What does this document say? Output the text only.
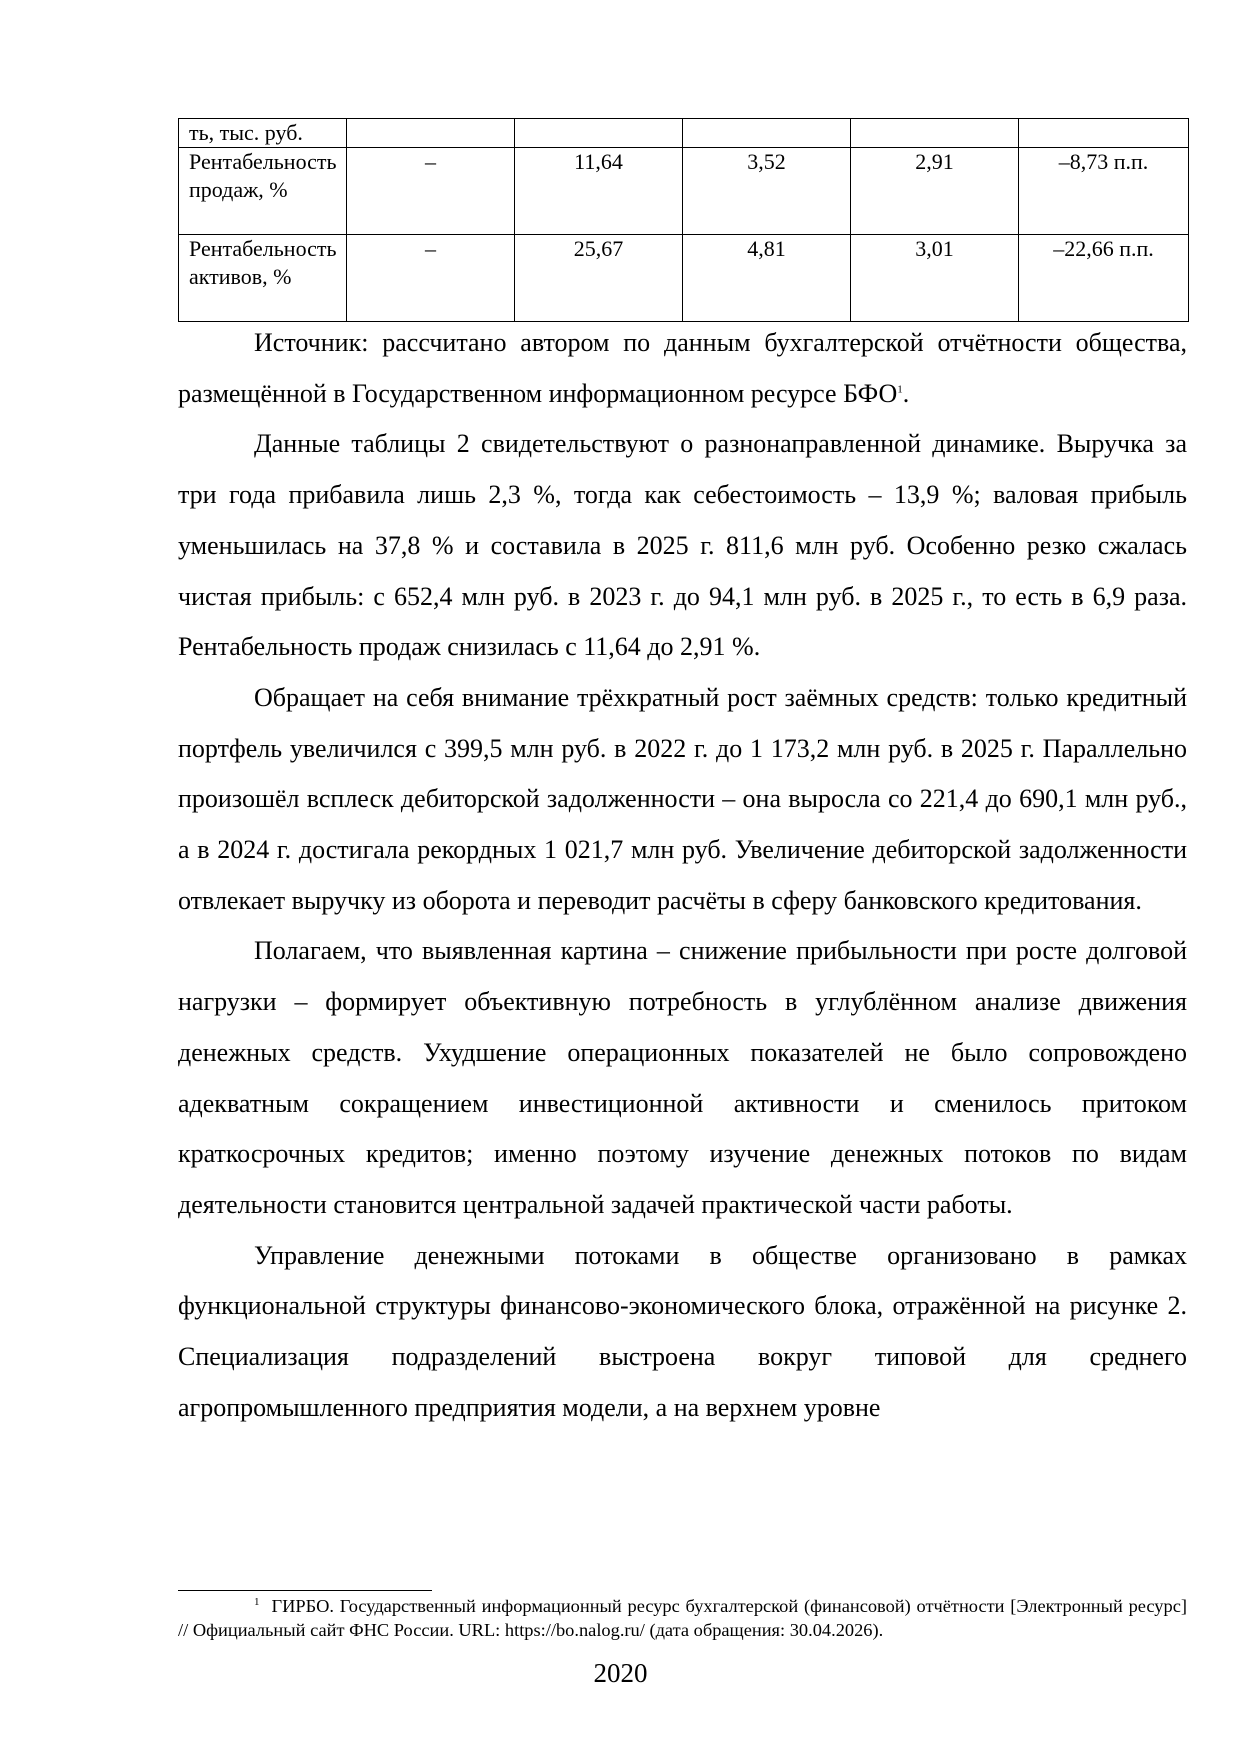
ть, тыс. руб.					
Рентабельность продаж, %	–	11,64	3,52	2,91	–8,73 п.п.
Рентабельность активов, %	–	25,67	4,81	3,01	–22,66 п.п.

Источник: рассчитано автором по данным бухгалтерской отчётности общества, размещённой в Государственном информационном ресурсе БФО$^1$.

Данные таблицы 2 свидетельствуют о разнонаправленной динамике. Выручка за три года прибавила лишь 2,3 %, тогда как себестоимость – 13,9 %; валовая прибыль уменьшилась на 37,8 % и составила в 2025 г. 811,6 млн руб. Особенно резко сжалась чистая прибыль: с 652,4 млн руб. в 2023 г. до 94,1 млн руб. в 2025 г., то есть в 6,9 раза. Рентабельность продаж снизилась с 11,64 до 2,91 %.

Обращает на себя внимание трёхкратный рост заёмных средств: только кредитный портфель увеличился с 399,5 млн руб. в 2022 г. до 1 173,2 млн руб. в 2025 г. Параллельно произошёл всплеск дебиторской задолженности – она выросла со 221,4 до 690,1 млн руб., а в 2024 г. достигала рекордных 1 021,7 млн руб. Увеличение дебиторской задолженности отвлекает выручку из оборота и переводит расчёты в сферу банковского кредитования.

Полагаем, что выявленная картина – снижение прибыльности при росте долговой нагрузки – формирует объективную потребность в углублённом анализе движения денежных средств. Ухудшение операционных показателей не было сопровождено адекватным сокращением инвестиционной активности и сменилось притоком краткосрочных кредитов; именно поэтому изучение денежных потоков по видам деятельности становится центральной задачей практической части работы.

Управление денежными потоками в обществе организовано в рамках функциональной структуры финансово-экономического блока, отражённой на рисунке 2. Специализация подразделений выстроена вокруг типовой для среднего агропромышленного предприятия модели, а на верхнем уровне

$^1$ ГИРБО. Государственный информационный ресурс бухгалтерской (финансовой) отчётности [Электронный ресурс] // Официальный сайт ФНС России. URL: https://bo.nalog.ru/ (дата обращения: 30.04.2026).

2020
